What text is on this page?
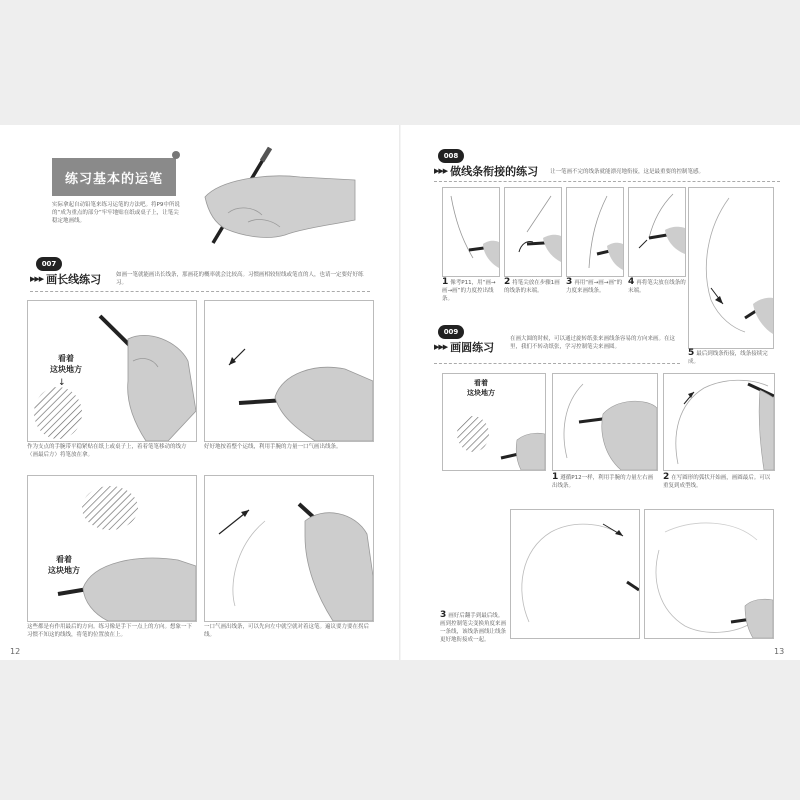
练习基本的运笔
实际拿起自动铅笔来练习运笔的方法吧。将P9中所说的“成为重点的部分”牢牢地贴在纸或桌子上，让笔尖稳定地画线。
007
▶▶▶ 画长线练习	如画一笔就能画出长线条，那画花的概率就会比较高。习惯画相较短线或笔直的人，也请一定要好好练习。
看着
这块地方
↓
作为支点的手腕带平稳紧贴在纸上或桌子上，着着笔笔移动的线方（画最后方）将笔放在拿。
好好地按着整个运线，利用手腕的力量一口气画出线条。
看着
这块地方
这些都是有作用最后的方向。练习像是手下一点上的方向。想象一下习惯不知这的线线，将笔的位置放在上。
一口气画出线条，可以先向左中就空就对着这笔。遍议要力要在拐后线。
12
008
▶▶▶ 做线条衔接的练习 让一笔画不完的线条就能漂亮地衔接，这是最重要的控制笔感。
1 像考P11，用“画→画→画”的力度控出线条。
2 将笔尖放在步骤1画的线条的末端。
3 再用“画→画→画”的力度来画线条。
4 再将笔尖放在线条的末端。
5 最后到线条衔接，线条接续完成。
009
▶▶▶ 画圆练习
在画大圆的时候，可以通过旋转纸张来画线条容易的方向来画。在这里，我们不转动纸张，学习控制笔尖来画圆。
看着
这块地方
1 遵循P12一样，利用手腕的力量左右画出线条。
2 在写圆形的弧状开始画，画圆最后。可以重复到成型线。
3 画好后翻手到最后线。画到控制笔尖变换角度来画一条线，该线条画线让线条更好地衔接成一起。
13
